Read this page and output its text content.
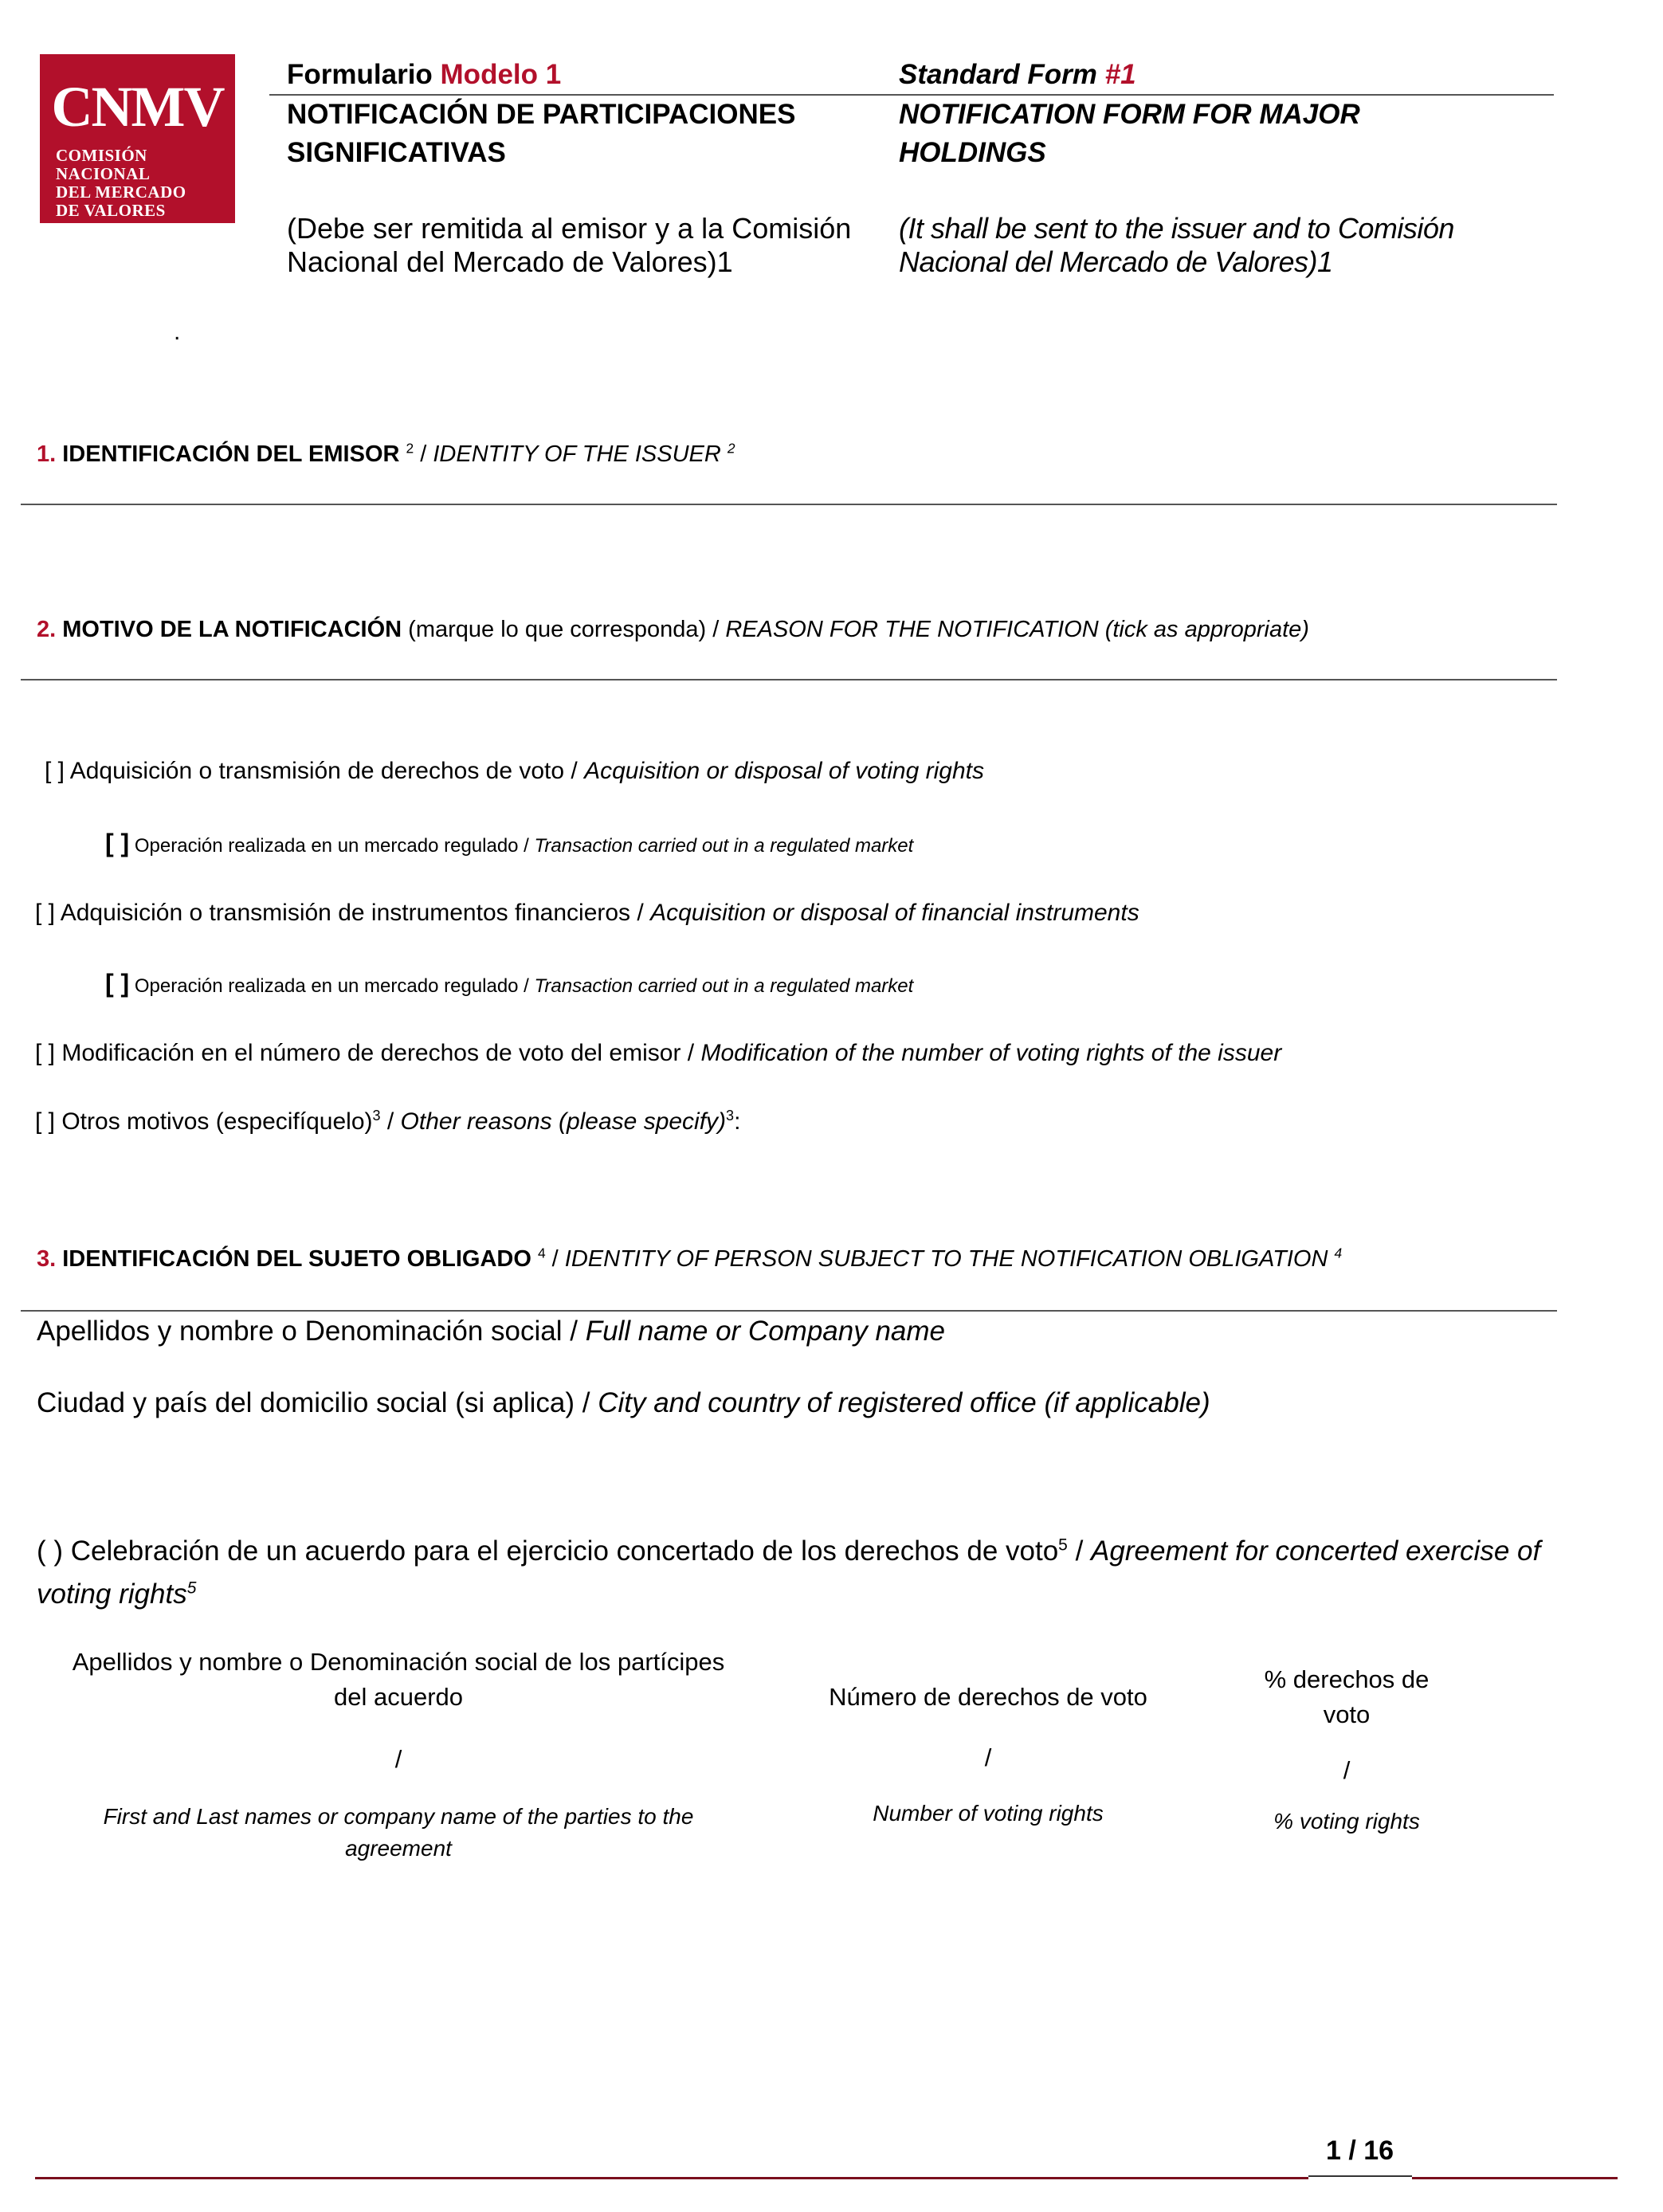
CNMV
COMISIÓN
NACIONAL
DEL MERCADO
DE VALORES
Formulario Modelo 1	Standard Form #1
NOTIFICACIÓN DE PARTICIPACIONES
SIGNIFICATIVAS
NOTIFICATION FORM FOR MAJOR
HOLDINGS
(Debe ser remitida al emisor y a la Comisión
Nacional del Mercado de Valores)1
(It shall be sent to the issuer and to Comisión
Nacional del Mercado de Valores)1
.
1. IDENTIFICACIÓN DEL EMISOR $^2$ / IDENTITY OF THE ISSUER $^2$
2. MOTIVO DE LA NOTIFICACIÓN (marque lo que corresponda) / REASON FOR THE NOTIFICATION (tick as appropriate)
[ ] Adquisición o transmisión de derechos de voto / Acquisition or disposal of voting rights
[ ] Operación realizada en un mercado regulado / Transaction carried out in a regulated market
[ ] Adquisición o transmisión de instrumentos financieros / Acquisition or disposal of financial instruments
[ ] Operación realizada en un mercado regulado / Transaction carried out in a regulated market
[ ] Modificación en el número de derechos de voto del emisor / Modification of the number of voting rights of the issuer
[ ] Otros motivos (especifíquelo)$^3$ / Other reasons (please specify)$^3$:
3. IDENTIFICACIÓN DEL SUJETO OBLIGADO $^4$ / IDENTITY OF PERSON SUBJECT TO THE NOTIFICATION OBLIGATION $^4$
Apellidos y nombre o Denominación social / Full name or Company name
Ciudad y país del domicilio social (si aplica) / City and country of registered office (if applicable)
( ) Celebración de un acuerdo para el ejercicio concertado de los derechos de voto$^5$ / Agreement for concerted exercise of
voting rights$^5$
Apellidos y nombre o Denominación social de los partícipes
del acuerdo
/
First and Last names or company name of the parties to the
agreement
Número de derechos de voto
/
Number of voting rights
% derechos de
voto
/
% voting rights
1 / 16
